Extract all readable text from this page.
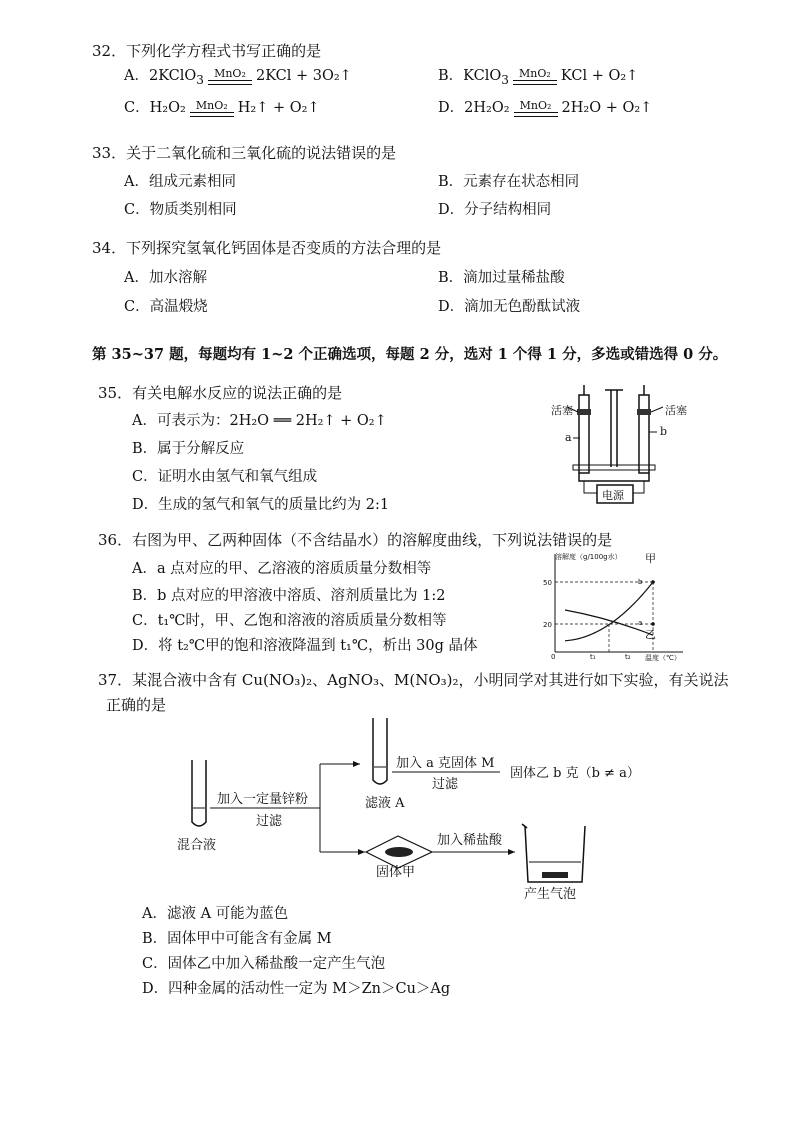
32．下列化学方程式书写正确的是
A．2KClO$_3$ MnO₂ 2KCl + 3O₂↑	B．KClO$_3$ MnO₂ KCl + O₂↑
C．H₂O₂ MnO₂ H₂↑ + O₂↑	D．2H₂O₂ MnO₂ 2H₂O + O₂↑
33．关于二氧化硫和三氧化硫的说法错误的是
A．组成元素相同	B．元素存在状态相同
C．物质类别相同	D．分子结构相同
34．下列探究氢氧化钙固体是否变质的方法合理的是
A．加水溶解	B．滴加过量稀盐酸
C．高温煅烧	D．滴加无色酚酞试液
第 35~37 题，每题均有 1~2 个正确选项，每题 2 分，选对 1 个得 1 分，多选或错选得 0 分。
35．有关电解水反应的说法正确的是
A．可表示为：2H₂O ══ 2H₂↑ + O₂↑
B．属于分解反应
C．证明水由氢气和氧气组成
D．生成的氢气和氧气的质量比约为 2:1
活塞	活塞
a	b
电源
36．右图为甲、乙两种固体（不含结晶水）的溶解度曲线，下列说法错误的是
A．a 点对应的甲、乙溶液的溶质质量分数相等
B．b 点对应的甲溶液中溶质、溶剂质量比为 1:2
C．t₁℃时，甲、乙饱和溶液的溶质质量分数相等
D．将 t₂℃甲的饱和溶液降温到 t₁℃，析出 30g 晶体
溶解度（g/100g水）
温度（℃）
甲
乙
50
20
0	t₁	t₂
b
a
37．某混合液中含有 Cu(NO₃)₂、AgNO₃、M(NO₃)₂，小明同学对其进行如下实验，有关说法
正确的是
加入一定量锌粉
过滤
混合液
滤液 A
加入 a 克固体 M
过滤
固体乙 b 克（b ≠ a）
固体甲
加入稀盐酸
产生气泡
A．滤液 A 可能为蓝色
B．固体甲中可能含有金属 M
C．固体乙中加入稀盐酸一定产生气泡
D．四种金属的活动性一定为 M＞Zn＞Cu＞Ag
